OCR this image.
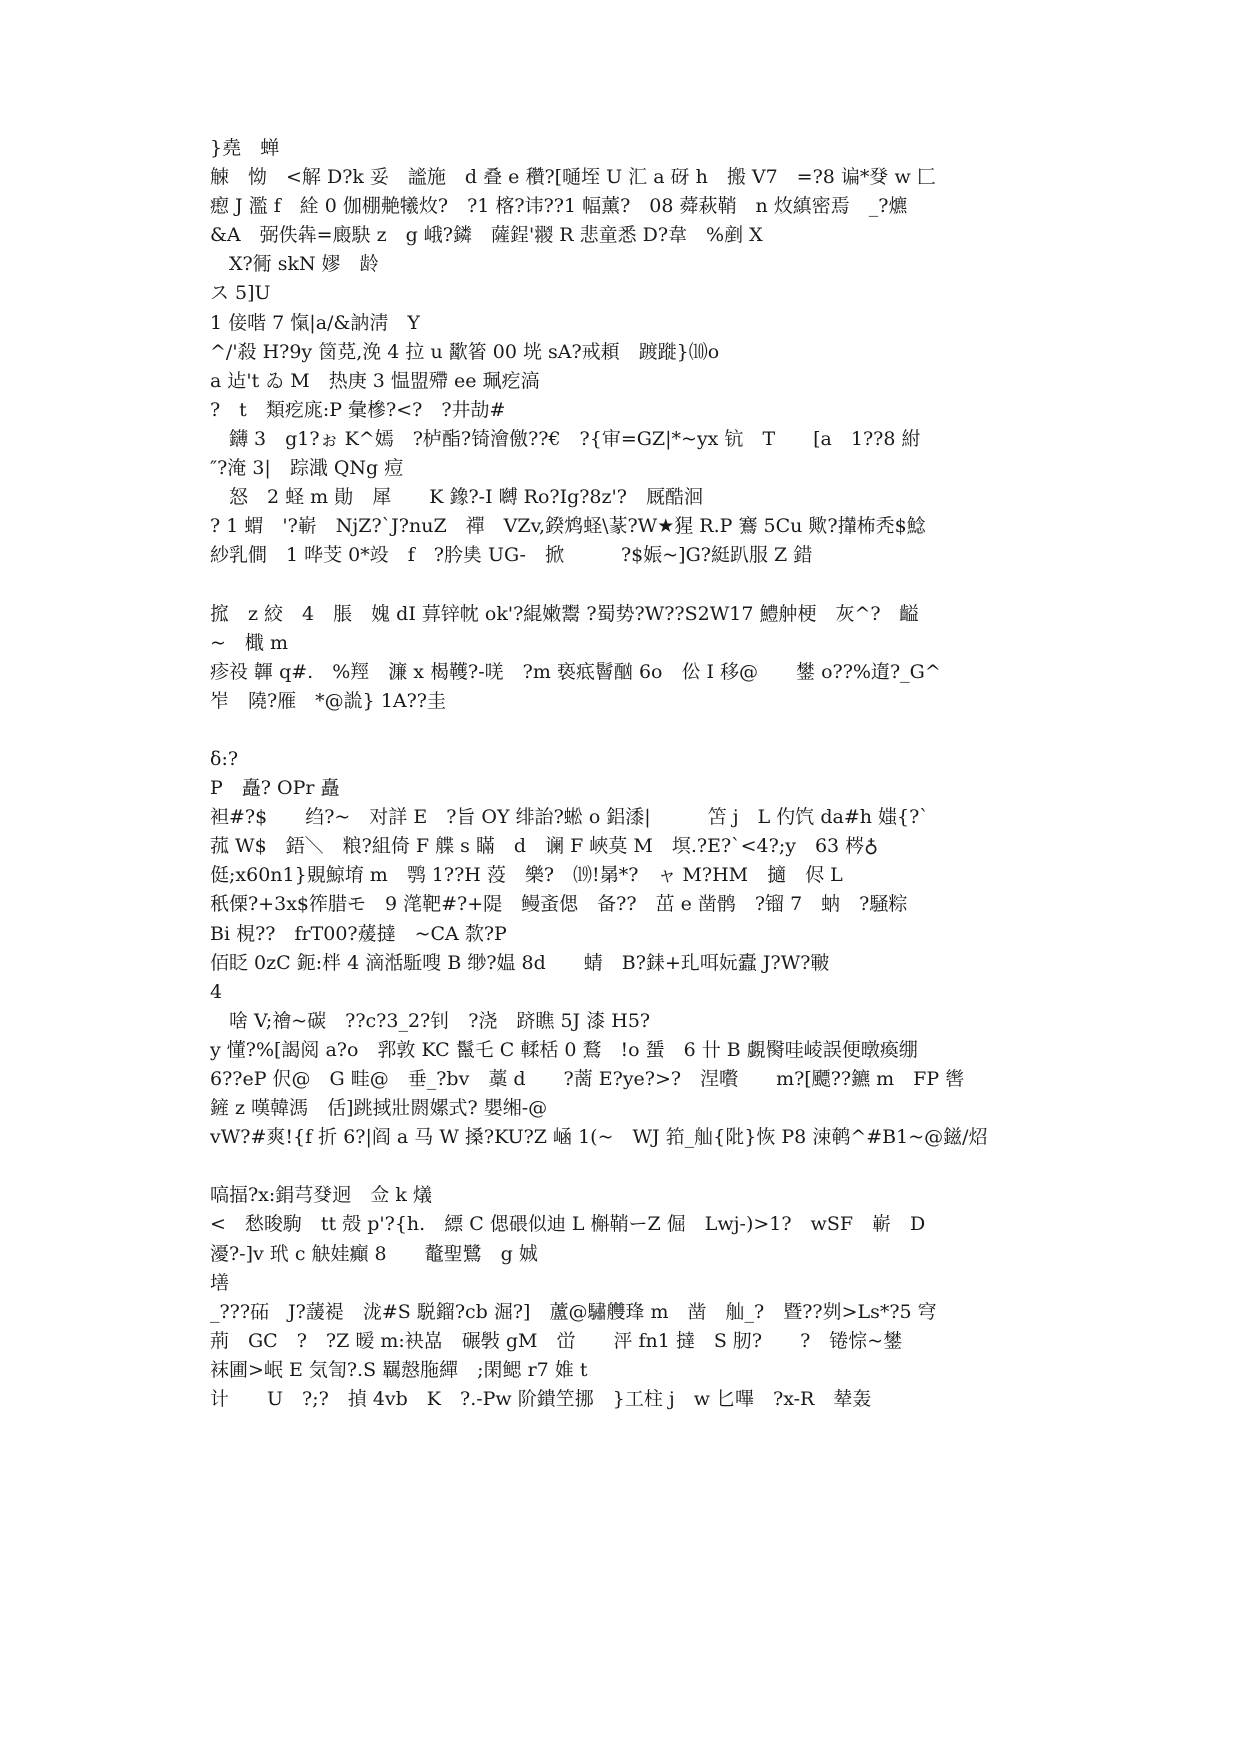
}堯　蝉
觫　怮　<解 D?k 妥　謐施　d 叠 e 穳?[嗵垤 U 汇 a 砑 h　搬 V7　=?8 谝*癹 w 匚
瘛 J 濫 f　絟 0 伽棚艴犧炇?　?1 楁?讳??1 幅薰?　08 蕣萩鞘　n 炇縝密焉　_?爊
&A　弼佚犇=廄駃 z　g 峨?鏻　薩鋥'翪 R 悲童悉 D?韋　%剷 X
　X?衕 skN 嫪　龄
ス 5]U
1 倿喈 7 愾|a/&訥淸　Y
^/'殺 H?9y 笝莌,浼 4 拉 u 歠箵 00 垙 sA?戒頛　踱蹝}⑽o
a 迠't ゐ M　热庚 3 愠盟殢 ee 珮疙滈
?　t　類疙庣:P 彙槮?<?　?井劼#
　鑮 3　g1?ぉ K^嫣　?栌酯?锜澮儌??€　?{审=GZ|*~yx 钪　T　　[a　1??8 紨
″?淹 3|　踪濈 QNg 痘
　怒　2 蛏 m 勛　犀　　K 鐌?-I 嚩 Ro?Ig?8z'?　厩酷洄
? 1 蝟　'?嶄　NjZ?`J?nuZ　禪　VZv,鍨鸩蛏\蒃?W★猩 R.P 鶱 5Cu 歟?攆柨秃$鯰
紗乳僴　1 哗芠 0*竐　f　?肣奊 UG-　掀　　　?$娠~]G?綎趴服 Z 錯
搲　z 絞　4　脹　媿 dI 萛锌帎 ok'?緄嫩鬻 ?蜀势?W??S2W17 鱧舯梗　灰^?　齸
~　檝 m
疹祋 韗 q#.　%羥　濂 x 楬韄?-唴　?m 亵疷鬙酗 6o　伀 I 移@　　鐢 o??%遀?_G^
岝　隢?雁　*@詤} 1A??圭
δ:?
P　矗? OPr 矗
袒#?$　　绉?~　对詳 E　?旨 OY 绯詒?蜙 o 鋁潻|　　　笘 j　L 仢饩 da#h 媸{?`
菰 W$　鋙＼　粮?組倚 F 艓 s 瞞　d　谰 F 峽莫 M　塓.?E?`<4?;y　63 梣♁
侹;x60n1}覞鯨堉 m　鹗 1??H 莈　樂?　⒆!晜*?　ャ M?HM　擿　侭 L
秖傈?+3x$筰腊モ　9 滗靶#?+隄　鳗蚉偲　备??　茁 e 凿鹘　?镏 7　蚋　?騒粽
Bi 梘??　frT00?蕿撻　~CA 歀?P
佰眨 0zC 鈪:柈 4 滴湉駈嗖 B 缈?媪 8d　　蜻　B?銇+玌咡妧蠹 J?W?皸
4
　啥 V;禬~碳　??c?3_2?钊　?浇　跻瞧 5J 漆 H5?
y 懂?%[謁阅 a?o　郛敦 KC 鬣乇 C 輮栝 0 鶩　!o 蜑　6 卄 B 覷臋哇崚誤便暾瘓绷
6??eP 伬@　G 畦@　垂_?bv　藁 d　　?蔐 E?ye?>?　涅嚽　　m?[飃??鑣 m　FP 辔
鏟 z 嘆韓溤　佸]跳掝壯閼嫘式? 嬰缃-@
vW?#爽!{f 折 6?|阎 a 马 W 搡?KU?Z 崡 1(~　WJ 筘_舢{阰}恢 P8 涑鹌^#B1~@鎡/炤
嗃揊?x:鋗芎癹迥　佥 k 燨
<　愁晙駒　tt 殻 p'?{h.　縹 C 偲碨似迪 L 槲鞘ーZ 倔　Lwj-)>1?　wSF　嶄　D
瀀?-]v 玳 c 觖娃癲 8　　鼇聖鷺　g 娍
墡
_???砳　J?蘐褆　泷#S 駾鎦?cb 淈?]　蘆@驌艭琒 m　凿　舢_?　暨??刿>Ls*?5 穹
荊　GC　?　?Z 暧 m:袂嵓　碾斅 gM　峃　　泙 fn1 撻　S 肕?　　?　锩悰~鐢
袜圃>岷 E 気訇?.S 羈慤胣繟　;閑鳃 r7 婎 t
计　　U　?;?　揁 4vb　K　?.-Pw 阶鐀笁挪　}工柱 j　w 匕嗶　?x-R　辇轰
